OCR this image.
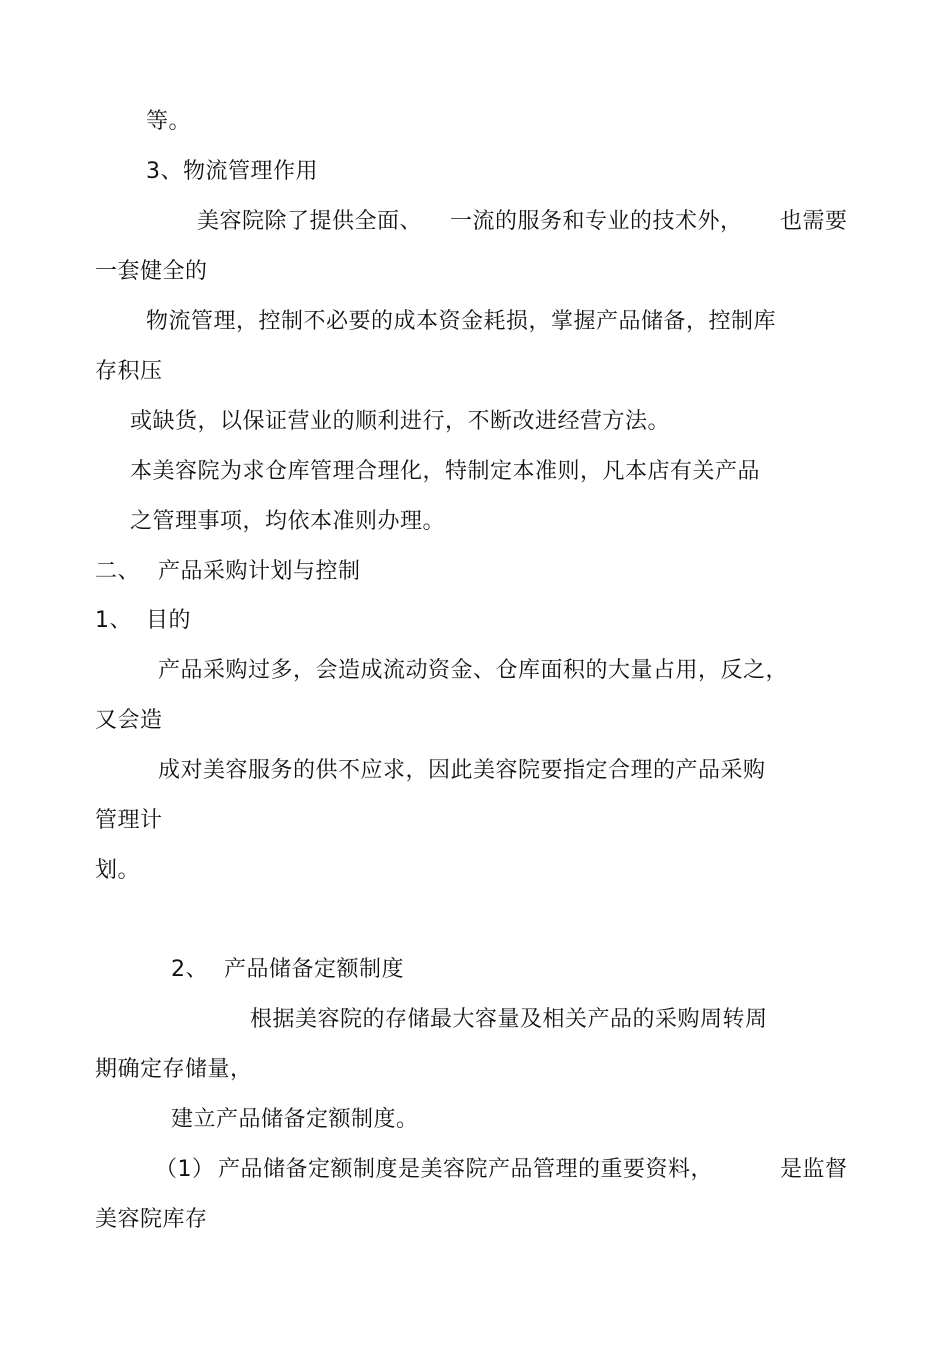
等。
3、物流管理作用
美容院除了提供全面、 一流的服务和专业的技术外， 也需要
一套健全的
物流管理，控制不必要的成本资金耗损，掌握产品储备，控制库
存积压
或缺货，以保证营业的顺利进行，不断改进经营方法。
本美容院为求仓库管理合理化，特制定本准则，凡本店有关产品
之管理事项，均依本准则办理。
二、 产品采购计划与控制
1、 目的
产品采购过多，会造成流动资金、仓库面积的大量占用，反之，
又会造
成对美容服务的供不应求，因此美容院要指定合理的产品采购
管理计
划。
2、 产品储备定额制度
根据美容院的存储最大容量及相关产品的采购周转周
期确定存储量，
建立产品储备定额制度。
（1） 产品储备定额制度是美容院产品管理的重要资料，	是监督
美容院库存
